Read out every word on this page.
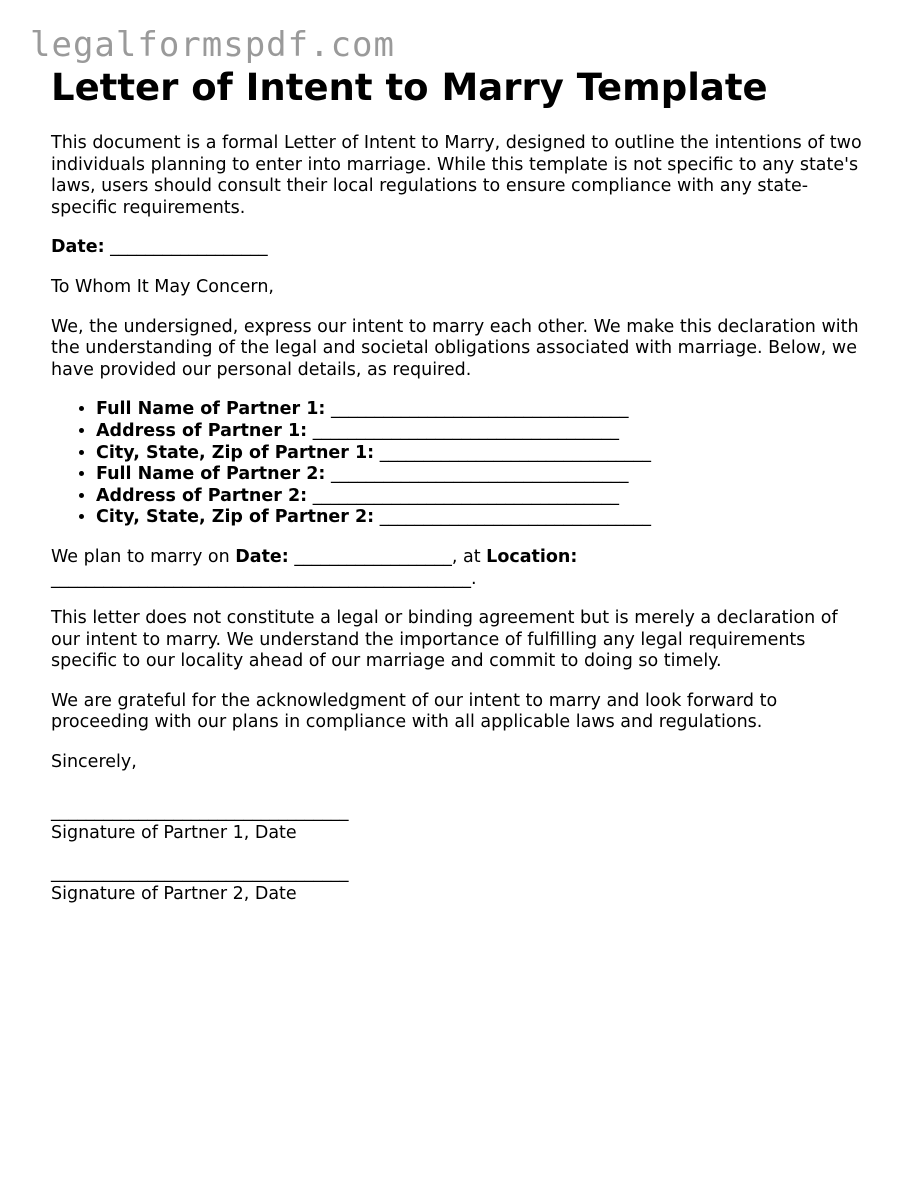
legalformspdf.com
Letter of Intent to Marry Template

This document is a formal Letter of Intent to Marry, designed to outline the intentions of two individuals planning to enter into marriage. While this template is not specific to any state's laws, users should consult their local regulations to ensure compliance with any state-specific requirements.

Date: __________________

To Whom It May Concern,

We, the undersigned, express our intent to marry each other. We make this declaration with the understanding of the legal and societal obligations associated with marriage. Below, we have provided our personal details, as required.

• Full Name of Partner 1: __________________________________
• Address of Partner 1: ___________________________________
• City, State, Zip of Partner 1: _______________________________
• Full Name of Partner 2: __________________________________
• Address of Partner 2: ___________________________________
• City, State, Zip of Partner 2: _______________________________

We plan to marry on Date: __________________, at Location:
________________________________________________.

This letter does not constitute a legal or binding agreement but is merely a declaration of our intent to marry. We understand the importance of fulfilling any legal requirements specific to our locality ahead of our marriage and commit to doing so timely.

We are grateful for the acknowledgment of our intent to marry and look forward to proceeding with our plans in compliance with all applicable laws and regulations.

Sincerely,

__________________________________

Signature of Partner 1, Date

__________________________________

Signature of Partner 2, Date
